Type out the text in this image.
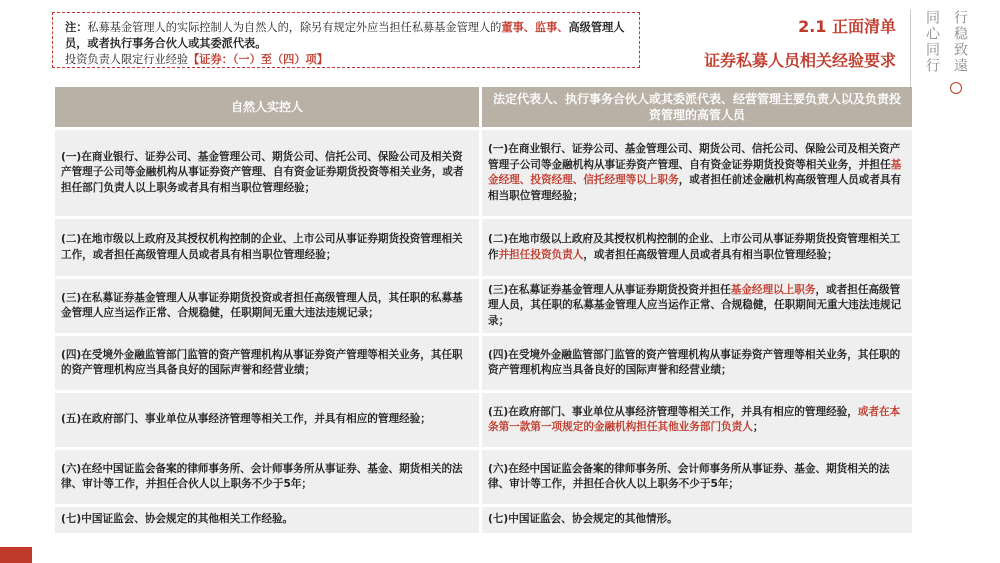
注：私募基金管理人的实际控制人为自然人的，除另有规定外应当担任私募基金管理人的董事、监事、高级管理人员，或者执行事务合伙人或其委派代表。
投资负责人限定行业经验【证券：（一）至（四）项】
2.1 正面清单
证券私募人员相关经验要求 同心同行 行稳致遠
自然人实控人	法定代表人、执行事务合伙人或其委派代表、经营管理主要负责人以及负责投资管理的高管人员
(一)在商业银行、证券公司、基金管理公司、期货公司、信托公司、保险公司及相关资产管理子公司等金融机构从事证券资产管理、自有资金证券期货投资等相关业务，或者担任部门负责人以上职务或者具有相当职位管理经验；	(一)在商业银行、证券公司、基金管理公司、期货公司、信托公司、保险公司及相关资产管理子公司等金融机构从事证券资产管理、自有资金证券期货投资等相关业务，并担任基金经理、投资经理、信托经理等以上职务，或者担任前述金融机构高级管理人员或者具有相当职位管理经验；
(二)在地市级以上政府及其授权机构控制的企业、上市公司从事证券期货投资管理相关工作，或者担任高级管理人员或者具有相当职位管理经验；	(二)在地市级以上政府及其授权机构控制的企业、上市公司从事证券期货投资管理相关工作并担任投资负责人，或者担任高级管理人员或者具有相当职位管理经验；
(三)在私募证券基金管理人从事证券期货投资或者担任高级管理人员，其任职的私募基金管理人应当运作正常、合规稳健，任职期间无重大违法违规记录；	(三)在私募证券基金管理人从事证券期货投资并担任基金经理以上职务，或者担任高级管理人员，其任职的私募基金管理人应当运作正常、合规稳健，任职期间无重大违法违规记录；
(四)在受境外金融监管部门监管的资产管理机构从事证券资产管理等相关业务，其任职的资产管理机构应当具备良好的国际声誉和经营业绩；	(四)在受境外金融监管部门监管的资产管理机构从事证券资产管理等相关业务，其任职的资产管理机构应当具备良好的国际声誉和经营业绩；
(五)在政府部门、事业单位从事经济管理等相关工作，并具有相应的管理经验；	(五)在政府部门、事业单位从事经济管理等相关工作，并具有相应的管理经验，或者在本条第一款第一项规定的金融机构担任其他业务部门负责人；
(六)在经中国证监会备案的律师事务所、会计师事务所从事证券、基金、期货相关的法律、审计等工作，并担任合伙人以上职务不少于5年；	(六)在经中国证监会备案的律师事务所、会计师事务所从事证券、基金、期货相关的法律、审计等工作，并担任合伙人以上职务不少于5年；
(七)中国证监会、协会规定的其他相关工作经验。	(七)中国证监会、协会规定的其他情形。
